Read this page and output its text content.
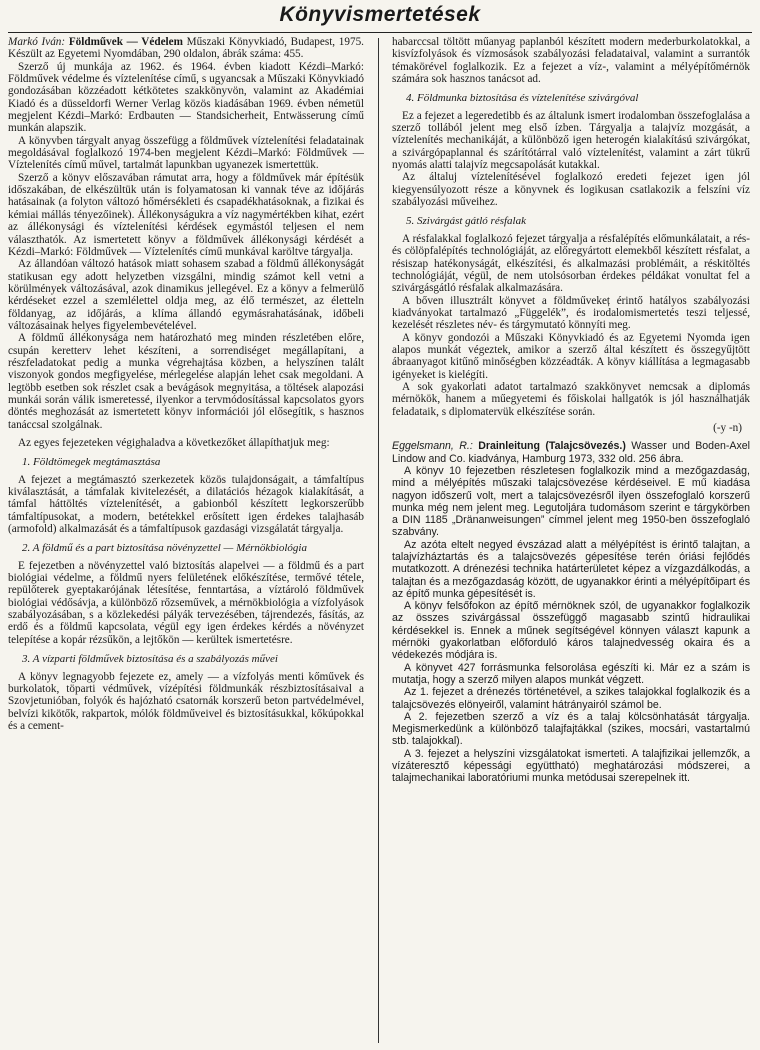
Könyvismertetések

Markó Iván: Földművek — Védelem Műszaki Könyvkiadó, Budapest, 1975. Készült az Egyetemi Nyomdában, 290 oldalon, ábrák száma: 455.

Szerző új munkája az 1962. és 1964. évben kiadott Kézdi–Markó: Földművek védelme és víztelenítése című, s ugyancsak a Műszaki Könyvkiadó gondozásában közzéadott kétkötetes szakkönyvön, valamint az Akadémiai Kiadó és a düsseldorfi Werner Verlag közös kiadásában 1969. évben németül megjelent Kézdi–Markó: Erdbauten — Standsicherheit, Entwässerung című munkán alapszik.

A könyvben tárgyalt anyag összefügg a földművek víztelenítési feladatainak megoldásával foglalkozó 1974-ben megjelent Kézdi–Markó: Földművek — Víztelenítés című művel, tartalmát lapunkban ugyanezek ismertettük.

Szerző a könyv előszavában rámutat arra, hogy a földművek már építésük időszakában, de elkészültük után is folyamatosan ki vannak téve az időjárás hatásainak (a folyton változó hőmérsékleti és csapadékhatásoknak, a fizikai és kémiai mállás tényezőinek). Állékonyságukra a víz nagymértékben kihat, ezért az állékonysági és víztelenítési kérdések egymástól teljesen el nem választhatók. Az ismertetett könyv a földművek állékonysági kérdését a Kézdi–Markó: Földművek — Víztelenítés című munkával karöltve tárgyalja.

Az állandóan változó hatások miatt sohasem szabad a földmű állékonyságát statikusan egy adott helyzetben vizsgálni, mindig számot kell vetni a körülmények változásával, azok dinamikus jellegével. Ez a könyv a felmerülő kérdéseket ezzel a szemlélettel oldja meg, az élő természet, az életteln földanyag, az időjárás, a klíma állandó egymásrahatásának, időbeli változásainak helyes figyelembevételével.

A földmű állékonysága nem határozható meg minden részletében előre, csupán keretterv lehet készíteni, a sorrendiséget megállapítani, a részfeladatokat pedig a munka végrehajtása közben, a helyszínen talált viszonyok gondos megfigyelése, mérlegelése alapján lehet csak megoldani. A legtöbb esetben sok részlet csak a bevágások megnyitása, a töltések alapozási munkái során válik ismeretessé, ilyenkor a tervmódosítással kapcsolatos gyors döntés meghozását az ismertetett könyv információi jól elősegítik, s hasznos tanáccsal szolgálnak.

Az egyes fejezeteken végighaladva a következőket állapíthatjuk meg:

1. Földtömegek megtámasztása

A fejezet a megtámasztó szerkezetek közös tulajdonságait, a támfaltípus kiválasztását, a támfalak kivitelezését, a dilatációs hézagok kialakítását, a támfal háttöltés víztelenítését, a gabionból készített legkorszerűbb támfaltípusokat, a modern, betétekkel erősített igen érdekes talajhasáb (armofold) alkalmazását és a támfaltípusok gazdasági vizsgálatát tárgyalja.

2. A földmű és a part biztosítása növényzettel — Mérnökbiológia

E fejezetben a növényzettel való biztosítás alapelvei — a földmű és a part biológiai védelme, a földmű nyers felületének előkészítése, termővé tétele, repülőterek gyeptakarójának létesítése, fenntartása, a víztároló földművek biológiai védősávja, a különböző rőzseművek, a mérnökbiológia a vízfolyások szabályozásában, s a közlekedési pályák tervezésében, tájrendezés, fásítás, az erdő és a földmű kapcsolata, végül egy igen érdekes kérdés a növényzet telepítése a kopár rézsűkön, a lejtőkön — kerültek ismertetésre.

3. A vízparti földművek biztosítása és a szabályozás művei

A könyv legnagyobb fejezete ez, amely — a vízfolyás menti kőművek és burkolatok, töparti védművek, vízépítési földmunkák részbiztosításaival a Szovjetunióban, folyók és hajózható csatornák korszerű beton partvédelmével, belvízi kikötők, rakpartok, mólók földműveivel és biztosításukkal, kőkúpokkal és a cement-

habarccsal töltött műanyag paplanból készített modern mederburkolatokkal, a kisvízfolyások és vízmosások szabályozási feladataival, valamint a surrantók témakörével foglalkozik. Ez a fejezet a víz-, valamint a mélyépítőmérnök számára sok hasznos tanácsot ad.

4. Földmunka biztosítása és víztelenítése szivárgóval

Ez a fejezet a legeredetibb és az általunk ismert irodalomban összefoglalása a szerző tollából jelent meg első ízben. Tárgyalja a talajvíz mozgását, a víztelenítés mechanikáját, a különböző igen heterogén kialakítású szivárgókat, a szivárgópaplannal és szárítótárral való víztelenítést, valamint a zárt tükrű nyomás alatti talajvíz megcsapolását kutakkal.

Az általuj víztelenítésével foglalkozó eredeti fejezet igen jól kiegyensúlyozott része a könyvnek és logikusan csatlakozik a felszíni víz szabályozási műveihez.

5. Szivárgást gátló résfalak

A résfalakkal foglalkozó fejezet tárgyalja a résfalépítés előmunkálatait, a rés- és cölöpfalépítés technológiáját, az előregyártott elemekből készített résfalat, a résiszap hatékonyságát, elkészítési, és alkalmazási problémáit, a réskitöltés technológiáját, végül, de nem utolsósorban érdekes példákat vonultat fel a szivárgásgátló résfalak alkalmazására.

A bőven illusztrált könyvet a földművekeț érintő hatályos szabályozási kiadványokat tartalmazó „Függelék”, és irodalomismertetés teszi teljessé, kezelését részletes név- és tárgymutató könnyíti meg.

A könyv gondozói a Műszaki Könyvkiadó és az Egyetemi Nyomda igen alapos munkát végeztek, amikor a szerző által készített és összegyűjtött ábraanyagot kitűnő minőségben közzéadták. A könyv kiállítása a legmagasabb igényeket is kielégíti.

A sok gyakorlati adatot tartalmazó szakkönyvet nemcsak a diplomás mérnökök, hanem a műegyetemi és főiskolai hallgatók is jól használhatják feladataik, s diplomatervük elkészítése során.

(-y -n)

Eggelsmann, R.: Drainleitung (Talajcsövezés.) Wasser und Boden-Axel Lindow and Co. kiadványa, Hamburg 1973, 332 old. 256 ábra.

A könyv 10 fejezetben részletesen foglalkozik mind a mezőgazdaság, mind a mélyépítés műszaki talajcsövezése kérdéseivel. E mű kiadása nagyon időszerű volt, mert a talajcsövezésről ilyen összefoglaló korszerű munka még nem jelent meg. Legutoljára tudomásom szerint e tárgykörben a DIN 1185 „Dränanweisungen” címmel jelent meg 1950-ben összefoglaló szabvány.

Az azóta eltelt negyed évszázad alatt a mélyépítést is érintő talajtan, a talajvízháztartás és a talajcsövezés gépesítése terén óriási fejlődés mutatkozott. A drénezési technika határterületet képez a vízgazdálkodás, a talajtan és a mezőgazdaság között, de ugyanakkor érinti a mélyépítőipart és az építő munka gépesítését is.

A könyv felsőfokon az építő mérnöknek szól, de ugyanakkor foglalkozik az összes szivárgással összefüggő magasabb szintű hidraulikai kérdésekkel is. Ennek a műnek segítségével könnyen választ kapunk a mérnöki gyakorlatban előforduló káros talajnedvesség okaira és a védekezés módjára is.

A könyvet 427 forrásmunka felsorolása egészíti ki. Már ez a szám is mutatja, hogy a szerző milyen alapos munkát végzett.

Az 1. fejezet a drénezés történetével, a szikes talajokkal foglalkozik és a talajcsövezés elönyeiről, valamint hátrányairól számol be.

A 2. fejezetben szerző a víz és a talaj kölcsönhatását tárgyalja. Megismerkedünk a különböző talajfajtákkal (szikes, mocsári, vastartalmú stb. talajokkal).

A 3. fejezet a helyszíni vizsgálatokat ismerteti. A talajfizikai jellemzők, a vízáteresztő képessági együttható) meghatározási módszerei, a talajmechanikai laboratóriumi munka metódusai szerepelnek itt.
